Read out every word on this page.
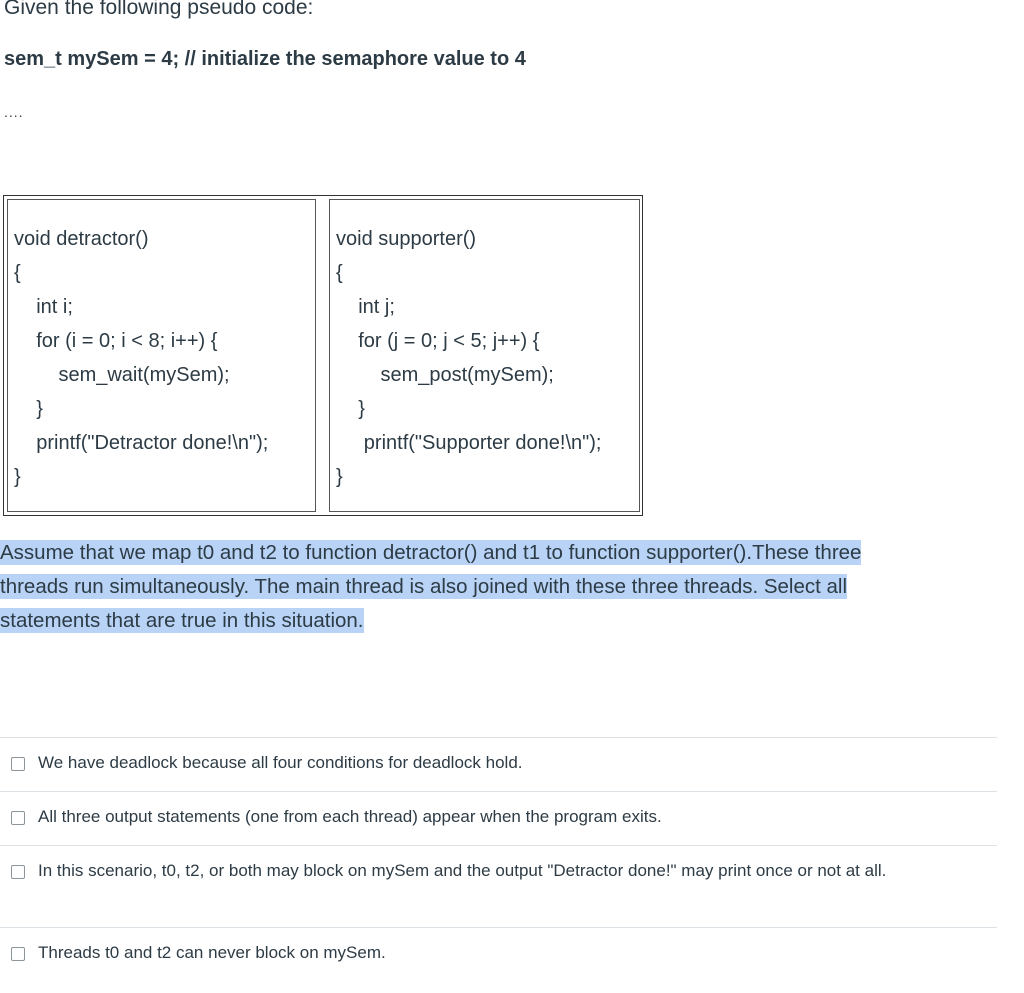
Given the following pseudo code:
sem_t mySem = 4; // initialize the semaphore value to 4
....
void detractor()
{
int i;
for (i = 0; i < 8; i++) {
sem_wait(mySem);
}
printf("Detractor done!\n");
}
void supporter()
{
int j;
for (j = 0; j < 5; j++) {
sem_post(mySem);
}
printf("Supporter done!\n");
}
Assume that we map t0 and t2 to function detractor() and t1 to function supporter().These three
threads run simultaneously. The main thread is also joined with these three threads. Select all
statements that are true in this situation.
We have deadlock because all four conditions for deadlock hold.
All three output statements (one from each thread) appear when the program exits.
In this scenario, t0, t2, or both may block on mySem and the output "Detractor done!" may print once or not at all.
Threads t0 and t2 can never block on mySem.
